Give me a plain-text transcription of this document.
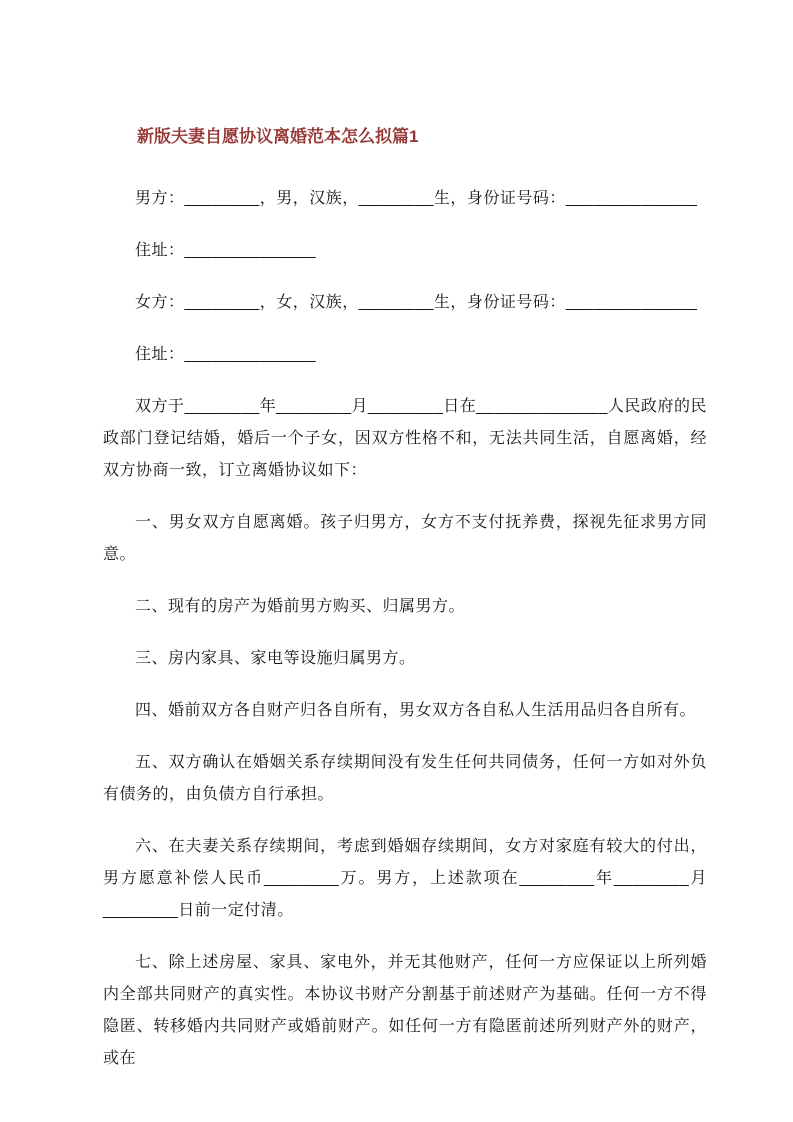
新版夫妻自愿协议离婚范本怎么拟篇1

男方：________，男，汉族，________生，身份证号码：______________

住址：______________

女方：________，女，汉族，________生，身份证号码：______________

住址：______________

双方于________年________月________日在______________人民政府的民政部门登记结婚，婚后一个子女，因双方性格不和，无法共同生活，自愿离婚，经双方协商一致，订立离婚协议如下：

一、男女双方自愿离婚。孩子归男方，女方不支付抚养费，探视先征求男方同意。

二、现有的房产为婚前男方购买、归属男方。

三、房内家具、家电等设施归属男方。

四、婚前双方各自财产归各自所有，男女双方各自私人生活用品归各自所有。

五、双方确认在婚姻关系存续期间没有发生任何共同债务，任何一方如对外负有债务的，由负债方自行承担。

六、在夫妻关系存续期间，考虑到婚姻存续期间，女方对家庭有较大的付出，男方愿意补偿人民币________万。男方，上述款项在________年________月________日前一定付清。

七、除上述房屋、家具、家电外，并无其他财产，任何一方应保证以上所列婚内全部共同财产的真实性。本协议书财产分割基于前述财产为基础。任何一方不得隐匿、转移婚内共同财产或婚前财产。如任何一方有隐匿前述所列财产外的财产，或在
